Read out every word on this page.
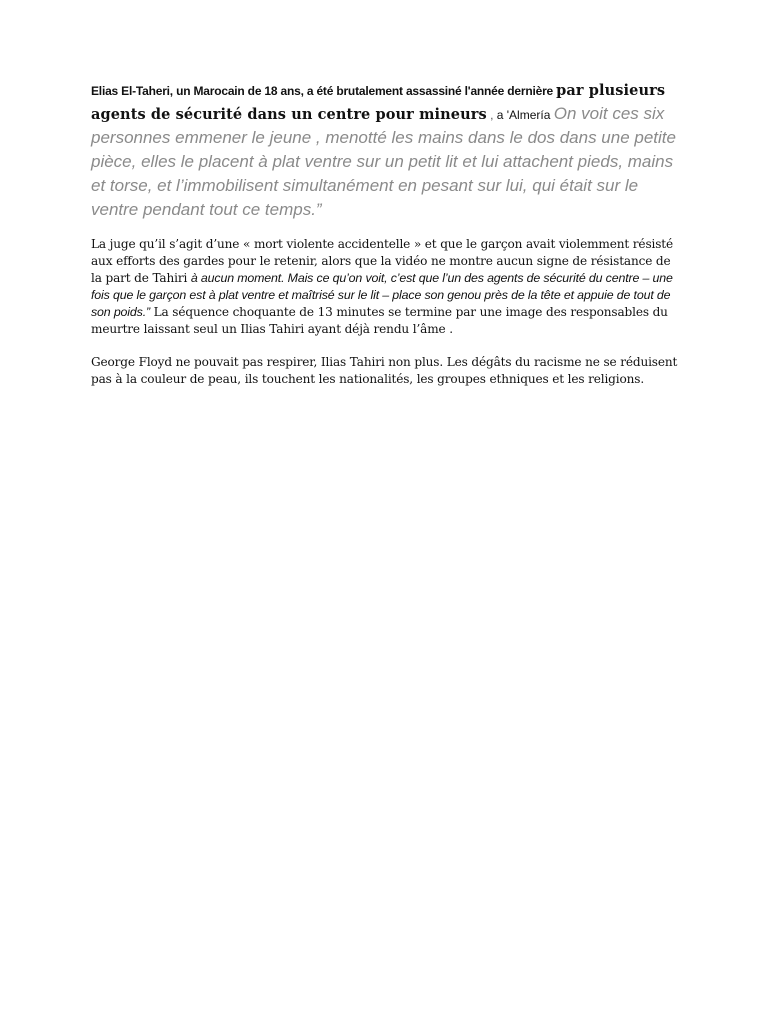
Elias El-Taheri, un Marocain de 18 ans, a été brutalement assassiné l'année dernière par plusieurs agents de sécurité dans un centre pour mineurs , a 'Almería On voit ces six personnes emmener le jeune , menotté les mains dans le dos dans une petite pièce, elles le placent à plat ventre sur un petit lit et lui attachent pieds, mains et torse, et l’immobilisent simultanément en pesant sur lui, qui était sur le ventre pendant tout ce temps.”

La juge qu’il s’agit d’une « mort violente accidentelle » et que le garçon avait violemment résisté aux efforts des gardes pour le retenir, alors que la vidéo ne montre aucun signe de résistance de la part de Tahiri à aucun moment. Mais ce qu’on voit, c’est que l’un des agents de sécurité du centre – une fois que le garçon est à plat ventre et maîtrisé sur le lit – place son genou près de la tête et appuie de tout de son poids.” La séquence choquante de 13 minutes se termine par une image des responsables du meurtre laissant seul un Ilias Tahiri ayant déjà rendu l’âme .

George Floyd ne pouvait pas respirer, Ilias Tahiri non plus. Les dégâts du racisme ne se réduisent pas à la couleur de peau, ils touchent les nationalités, les groupes ethniques et les religions.
